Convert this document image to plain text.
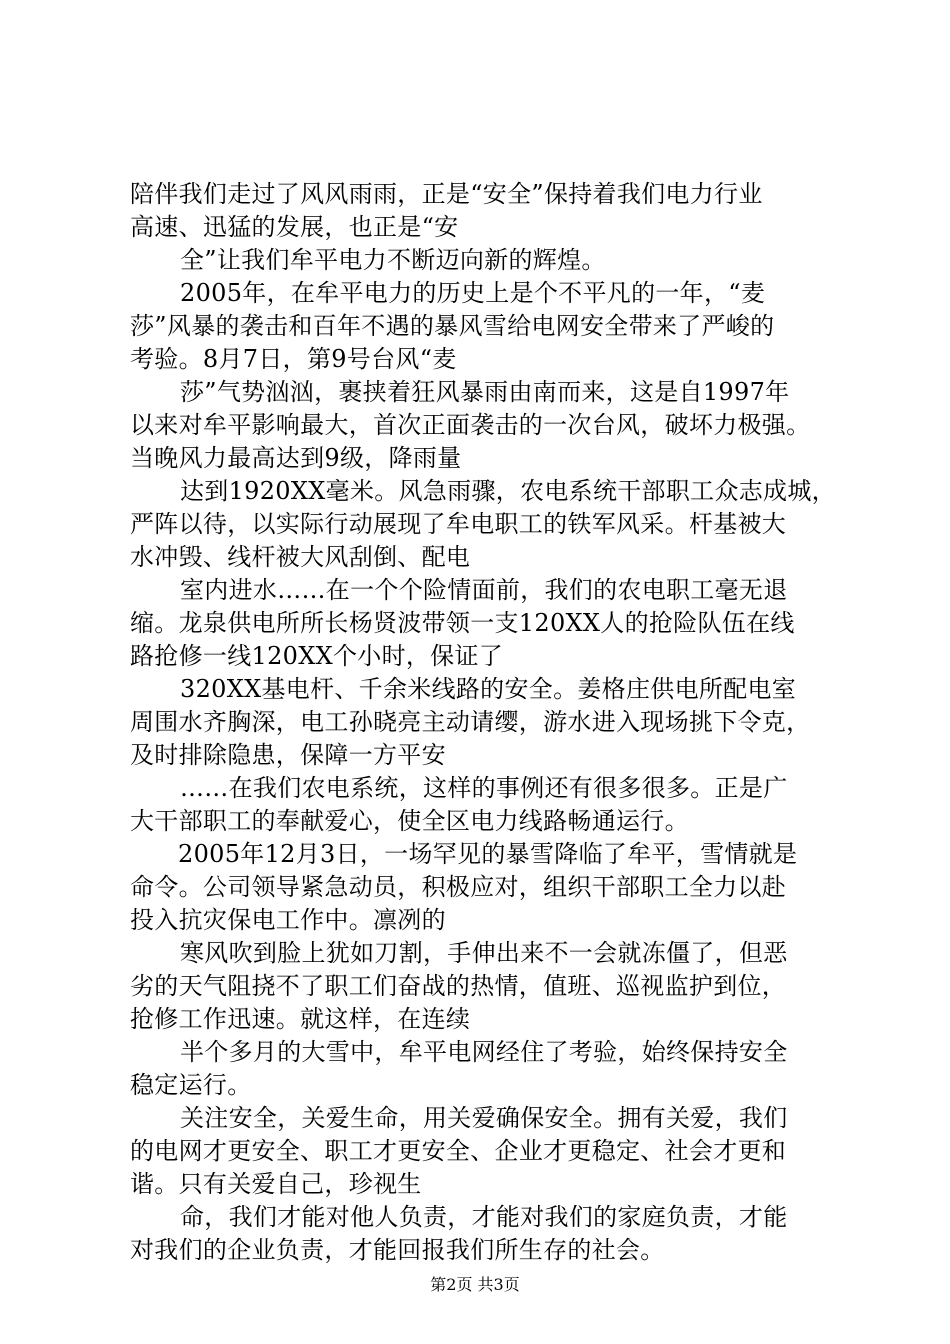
陪伴我们走过了风风雨雨，正是“安全”保持着我们电力行业
高速、迅猛的发展，也正是“安
全”让我们牟平电力不断迈向新的辉煌。
2005年，在牟平电力的历史上是个不平凡的一年，“麦
莎”风暴的袭击和百年不遇的暴风雪给电网安全带来了严峻的
考验。8月7日，第9号台风“麦
莎”气势汹汹，裹挟着狂风暴雨由南而来，这是自1997年
以来对牟平影响最大，首次正面袭击的一次台风，破坏力极强。
当晚风力最高达到9级，降雨量
达到1920XX毫米。风急雨骤，农电系统干部职工众志成城，
严阵以待，以实际行动展现了牟电职工的铁军风采。杆基被大
水冲毁、线杆被大风刮倒、配电
室内进水……在一个个险情面前，我们的农电职工毫无退
缩。龙泉供电所所长杨贤波带领一支120XX人的抢险队伍在线
路抢修一线120XX个小时，保证了
320XX基电杆、千余米线路的安全。姜格庄供电所配电室
周围水齐胸深，电工孙晓亮主动请缨，游水进入现场挑下令克，
及时排除隐患，保障一方平安
……在我们农电系统，这样的事例还有很多很多。正是广
大干部职工的奉献爱心，使全区电力线路畅通运行。
2005年12月3日，一场罕见的暴雪降临了牟平，雪情就是
命令。公司领导紧急动员，积极应对，组织干部职工全力以赴
投入抗灾保电工作中。凛冽的
寒风吹到脸上犹如刀割，手伸出来不一会就冻僵了，但恶
劣的天气阻挠不了职工们奋战的热情，值班、巡视监护到位，
抢修工作迅速。就这样，在连续
半个多月的大雪中，牟平电网经住了考验，始终保持安全
稳定运行。
关注安全，关爱生命，用关爱确保安全。拥有关爱，我们
的电网才更安全、职工才更安全、企业才更稳定、社会才更和
谐。只有关爱自己，珍视生
命，我们才能对他人负责，才能对我们的家庭负责，才能
对我们的企业负责，才能回报我们所生存的社会。
第2页 共3页
